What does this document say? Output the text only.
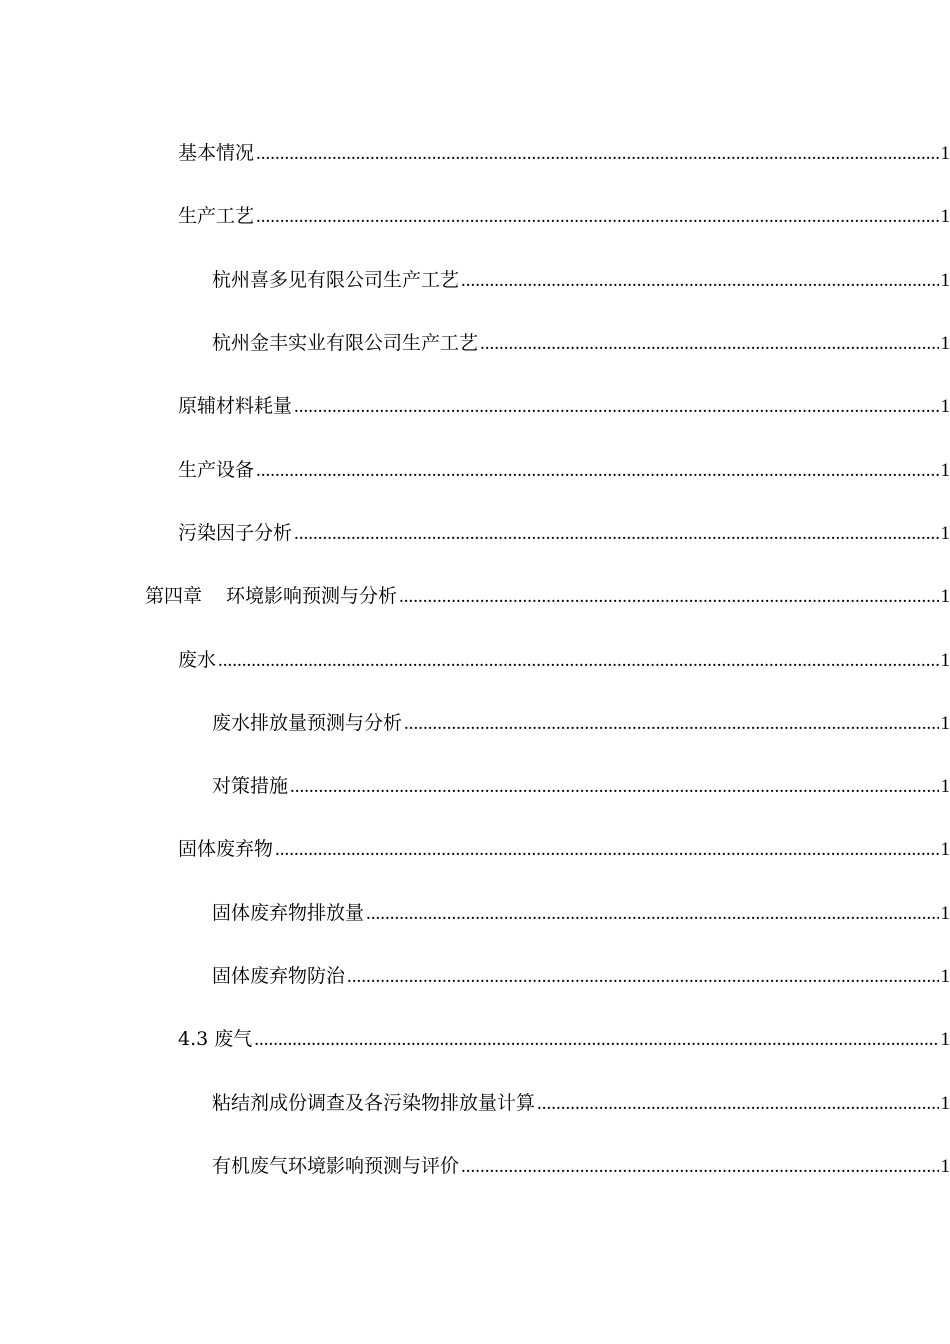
基本情况 .....	1
生产工艺 .....	1
杭州喜多见有限公司生产工艺 .....	1
杭州金丰实业有限公司生产工艺 .....	1
原辅材料耗量 .....	1
生产设备 .....	1
污染因子分析 .....	1
第四章 环境影响预测与分析 .....	1
废水 .....	1
废水排放量预测与分析 .....	1
对策措施 .....	1
固体废弃物 .....	1
固体废弃物排放量 .....	1
固体废弃物防治 .....	1
4.3 废气 .....	1
粘结剂成份调查及各污染物排放量计算 .....	1
有机废气环境影响预测与评价 .....	1
